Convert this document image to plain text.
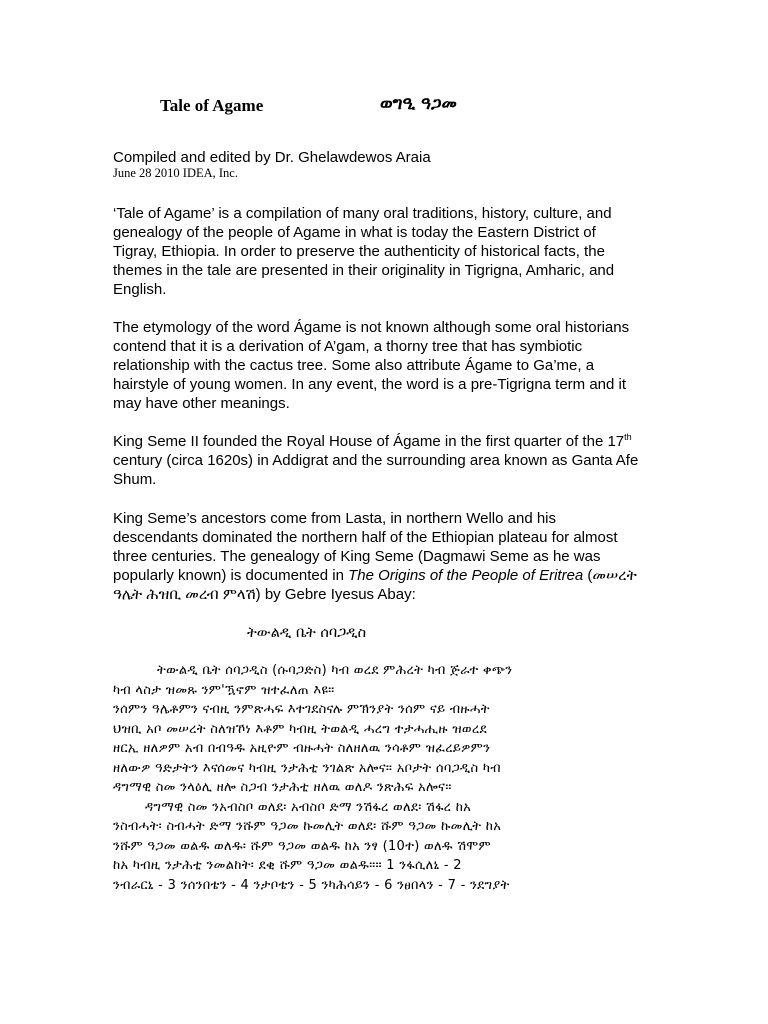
Tale of Agame	ወግዒ ዓጋመ
Compiled and edited by Dr. Ghelawdewos Araia
June 28 2010 IDEA, Inc.
‘Tale of Agame’ is a compilation of many oral traditions, history, culture, and genealogy of the people of Agame in what is today the Eastern District of Tigray, Ethiopia. In order to preserve the authenticity of historical facts, the themes in the tale are presented in their originality in Tigrigna, Amharic, and English.
The etymology of the word Ágame is not known although some oral historians contend that it is a derivation of A’gam, a thorny tree that has symbiotic relationship with the cactus tree. Some also attribute Ágame to Ga’me, a hairstyle of young women. In any event, the word is a pre-Tigrigna term and it may have other meanings.
King Seme II founded the Royal House of Ágame in the first quarter of the 17th century (circa 1620s) in Addigrat and the surrounding area known as Ganta Afe Shum.
King Seme’s ancestors come from Lasta, in northern Wello and his descendants dominated the northern half of the Ethiopian plateau for almost three centuries. The genealogy of King Seme (Dagmawi Seme as he was popularly known) is documented in The Origins of the People of Eritrea (መሠረት ዓሌት ሕዝቢ መረብ ምላሽ) by Gebre Iyesus Abay:
ትውልዲ ቤት ሰባጋዲስ
ትውልዲ ቤት ሰባጋዲስ (ሱባጋድስ) ካብ ወረደ ምሕረት ካብ ጅራተ ቀጭን
ካብ ላስታ ዝመጹ ንም'ዃኖም ዝተፈለጠ እዩ።
ንሰምን ዓሌቶምን ናብዚ ንምጽሓፍ እተገደስናሉ ምኽንያት ንሰም ናይ ብዙሓት
ህዝቢ አቦ መሠረት ስለዝኾነ እቶም ካብዚ ትወልዲ ሓረግ ተታሓሒዙ ዝወረደ
ዘርኢ ዘለዎም አብ በብዓዱ አዚዮም ብዙሓት ስለዘለዉ ንሳቶም ዝፈረይዎምን
ዘለውዎ ዓድታትን እናሰመና ካብዚ ንታሕቲ ንገልጽ አሎና። አቦታት ሰባጋዲስ ካብ
ዳግማዊ ስመ ንላዕሊ ዘሎ ስጋብ ንታሕቲ ዘለዉ ወለዶ ንጽሕፍ አሎና።
ዳግማዊ ስመ ንአብስቦ ወለደ፡ አብስቦ ድማ ንሽፋረ ወለደ፡ ሽፋረ ከአ
ንስብሓት፡ ስብሓት ድማ ንሹም ዓጋመ ኩመሊት ወለደ፡ ሹም ዓጋመ ኩመሊት ከአ
ንሹም ዓጋመ ወልዱ ወለዱ፡ ሹም ዓጋመ ወልዱ ከአ ንፃ (10ተ) ወለዱ ሽሞም
ከአ ካብዚ ንታሕቲ ንመልከት፡ ደቂ ሹም ዓጋመ ወልዱ።። 1 ንፋሲለኒ - 2
ንብራርኒ - 3 ንሰንበቴን - 4 ንታቦቴን - 5 ንካሕሳይን - 6 ንፀበላን - 7 - ንደግያት
